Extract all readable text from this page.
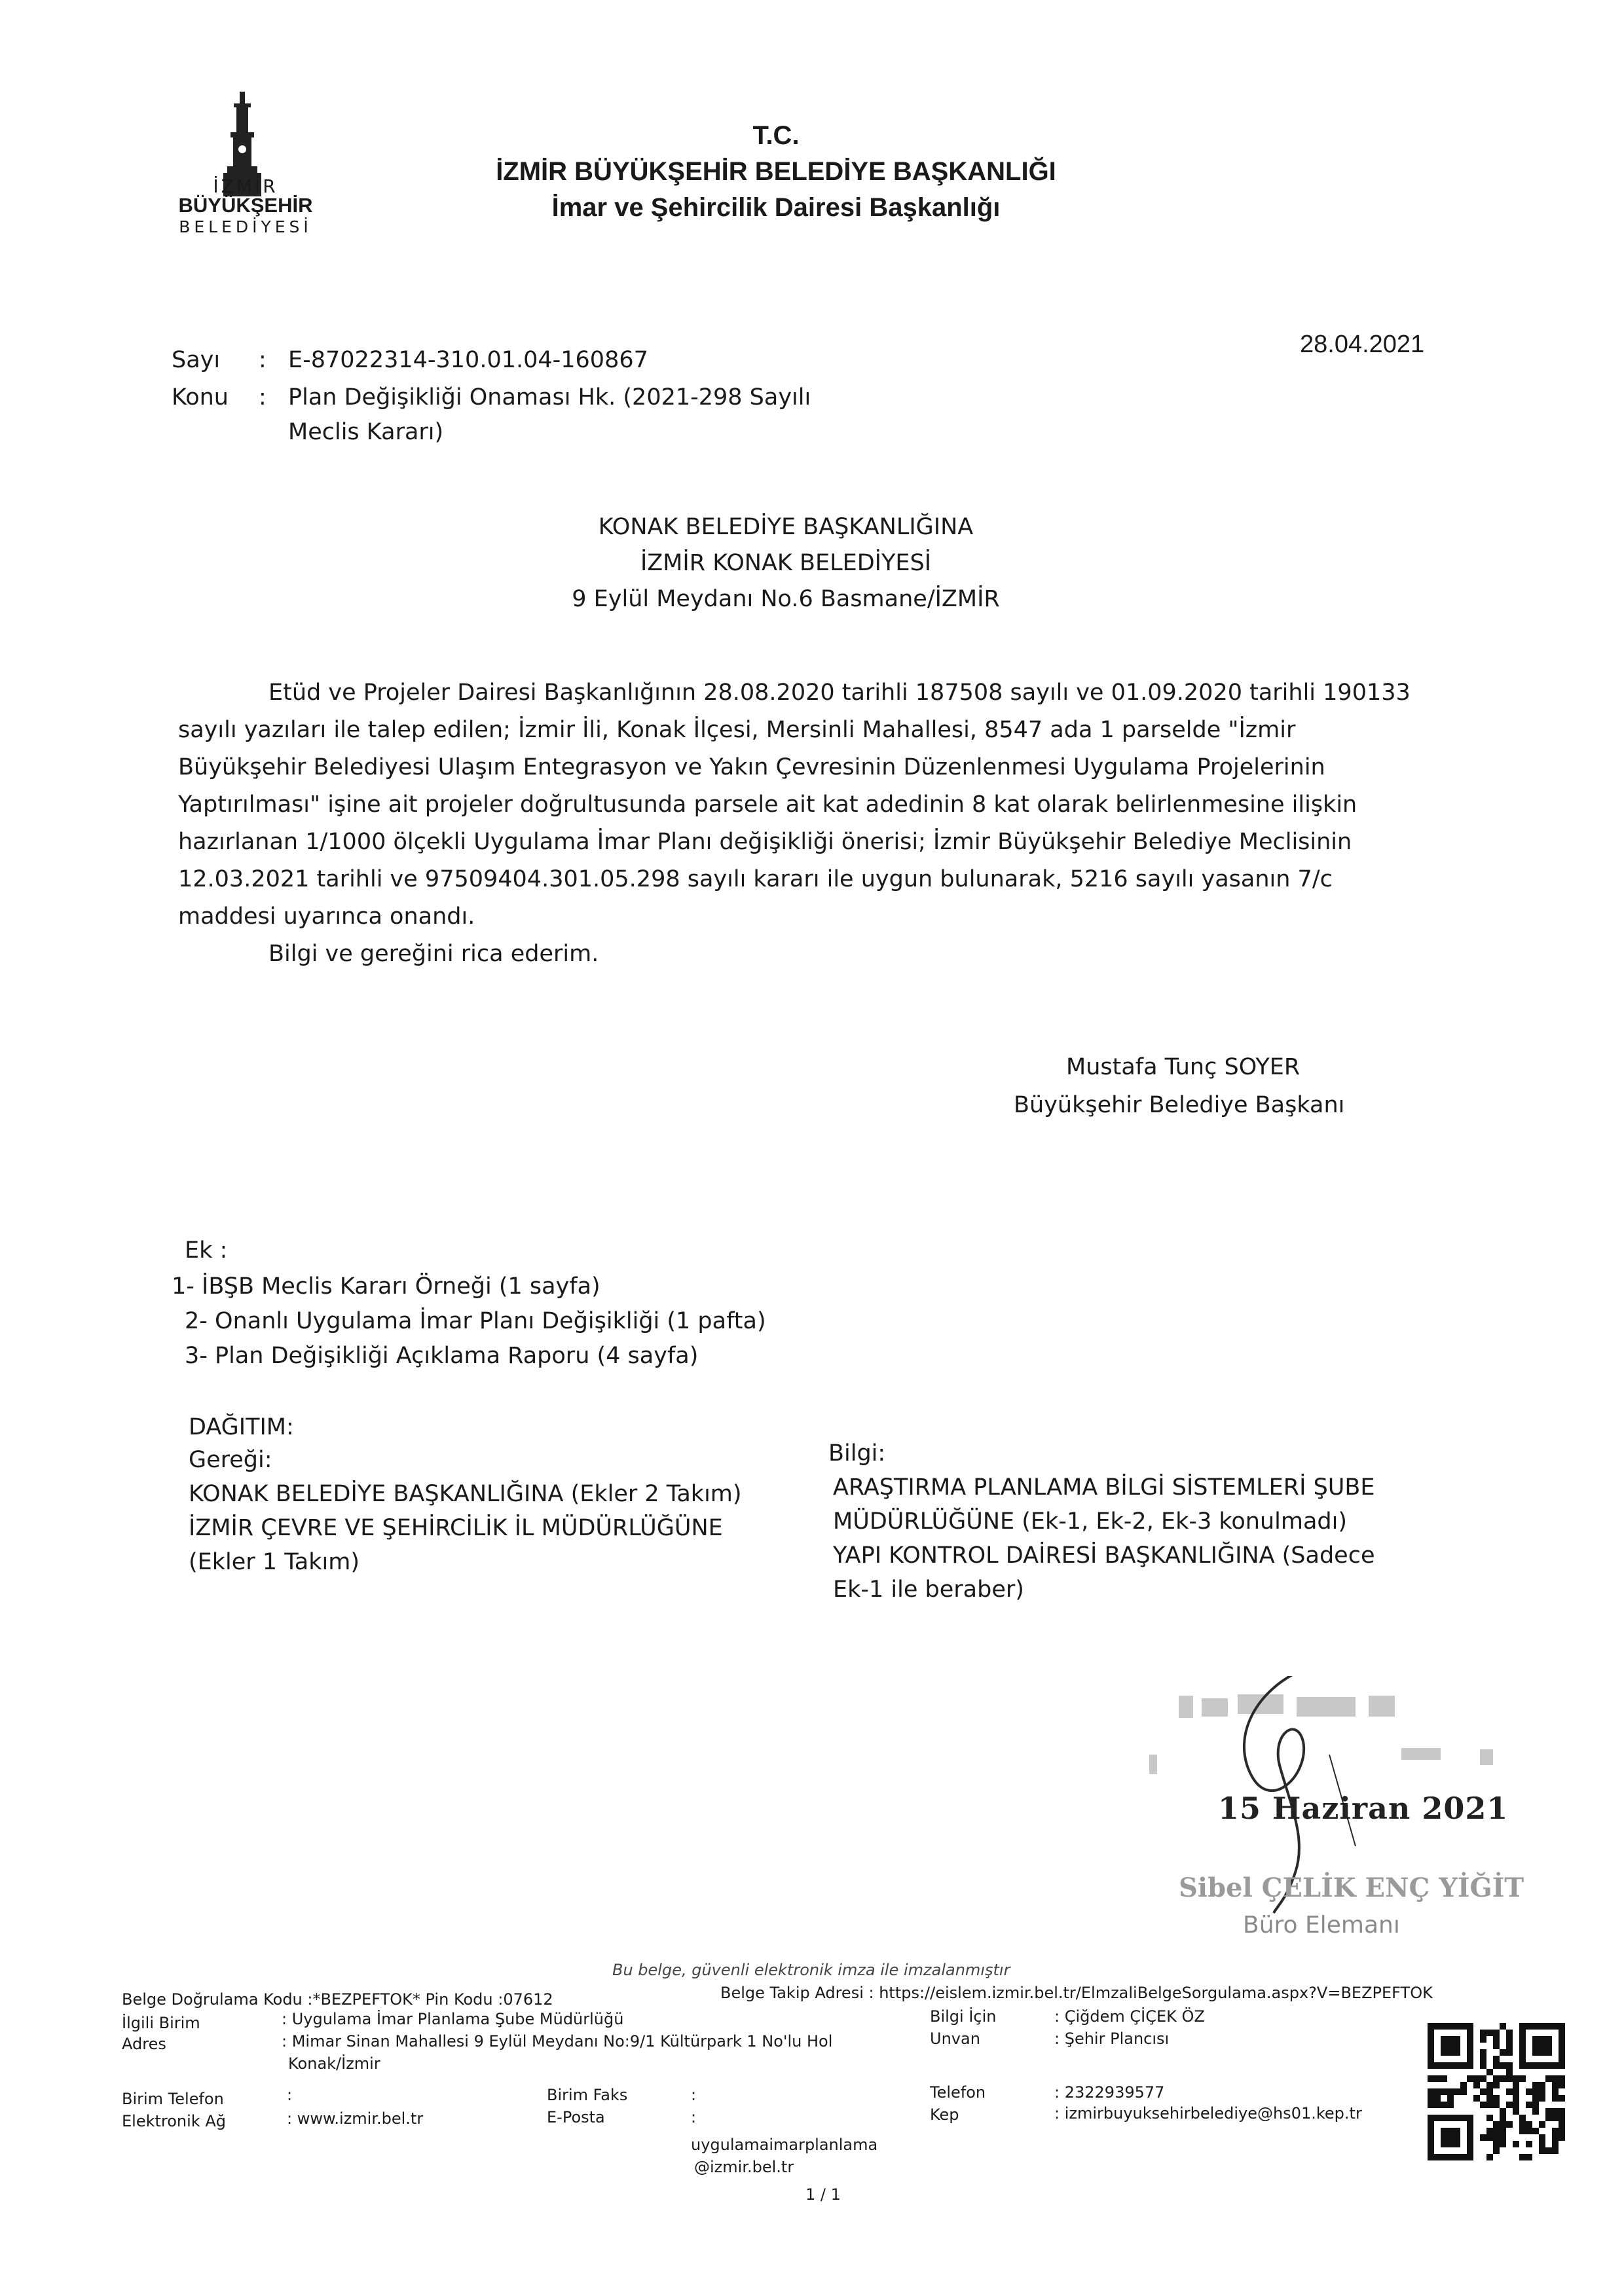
İZMİR
BÜYÜKŞEHİR
BELEDİYESİ
T.C.
İZMİR BÜYÜKŞEHİR BELEDİYE BAŞKANLIĞI
İmar ve Şehircilik Dairesi Başkanlığı
28.04.2021
Sayı : E-87022314-310.01.04-160867
Konu : Plan Değişikliği Onaması Hk. (2021-298 Sayılı
Meclis Kararı)
KONAK BELEDİYE BAŞKANLIĞINA
İZMİR KONAK BELEDİYESİ
9 Eylül Meydanı No.6 Basmane/İZMİR
Etüd ve Projeler Dairesi Başkanlığının 28.08.2020 tarihli 187508 sayılı ve 01.09.2020 tarihli 190133
sayılı yazıları ile talep edilen; İzmir İli, Konak İlçesi, Mersinli Mahallesi, 8547 ada 1 parselde "İzmir
Büyükşehir Belediyesi Ulaşım Entegrasyon ve Yakın Çevresinin Düzenlenmesi Uygulama Projelerinin
Yaptırılması" işine ait projeler doğrultusunda parsele ait kat adedinin 8 kat olarak belirlenmesine ilişkin
hazırlanan 1/1000 ölçekli Uygulama İmar Planı değişikliği önerisi; İzmir Büyükşehir Belediye Meclisinin
12.03.2021 tarihli ve 97509404.301.05.298 sayılı kararı ile uygun bulunarak, 5216 sayılı yasanın 7/c
maddesi uyarınca onandı.
Bilgi ve gereğini rica ederim.
Mustafa Tunç SOYER
Büyükşehir Belediye Başkanı
Ek :
1- İBŞB Meclis Kararı Örneği (1 sayfa)
2- Onanlı Uygulama İmar Planı Değişikliği (1 pafta)
3- Plan Değişikliği Açıklama Raporu (4 sayfa)
DAĞITIM:
Gereği:
KONAK BELEDİYE BAŞKANLIĞINA (Ekler 2 Takım)
İZMİR ÇEVRE VE ŞEHİRCİLİK İL MÜDÜRLÜĞÜNE
(Ekler 1 Takım)
Bilgi:
ARAŞTIRMA PLANLAMA BİLGİ SİSTEMLERİ ŞUBE
MÜDÜRLÜĞÜNE (Ek-1, Ek-2, Ek-3 konulmadı)
YAPI KONTROL DAİRESİ BAŞKANLIĞINA (Sadece
Ek-1 ile beraber)
15 Haziran 2021
Sibel ÇELİK ENÇ YİĞİT
Büro Elemanı
Bu belge, güvenli elektronik imza ile imzalanmıştır
Belge Doğrulama Kodu :*BEZPEFTOK* Pin Kodu :07612	Belge Takip Adresi : https://eislem.izmir.bel.tr/ElmzaliBelgeSorgulama.aspx?V=BEZPEFTOK
İlgili Birim	: Uygulama İmar Planlama Şube Müdürlüğü
Adres	: Mimar Sinan Mahallesi 9 Eylül Meydanı No:9/1 Kültürpark 1 No'lu Hol
Konak/İzmir
Bilgi İçin	: Çiğdem ÇİÇEK ÖZ
Unvan	: Şehir Plancısı
Birim Telefon	:	Birim Faks	:	Telefon	: 2322939577
Elektronik Ağ	: www.izmir.bel.tr	E-Posta	:
uygulamaimarplanlama
@izmir.bel.tr
Kep	: izmirbuyuksehirbelediye@hs01.kep.tr
1 / 1
